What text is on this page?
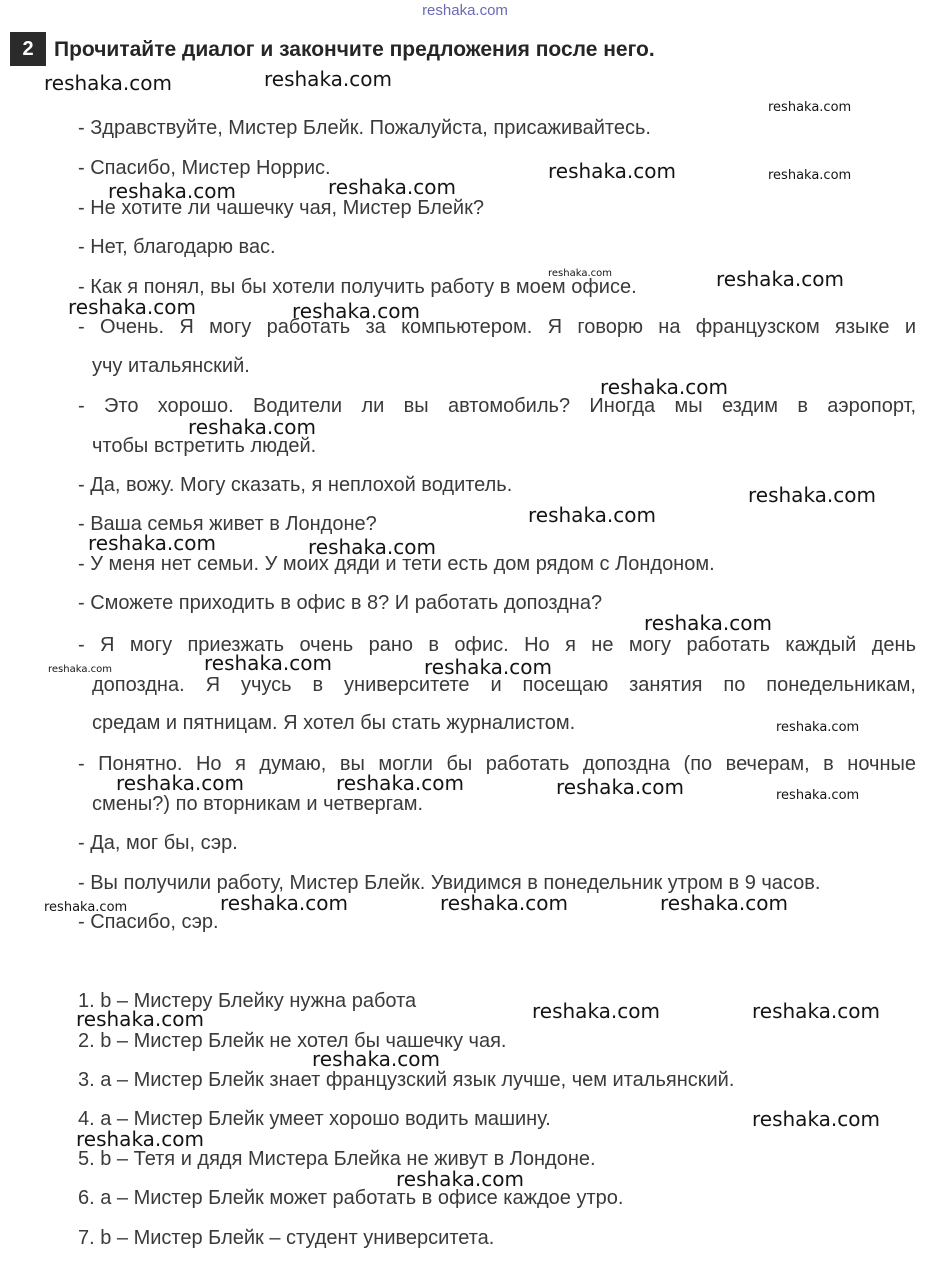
reshaka.com
2 Прочитайте диалог и закончите предложения после него.
- Здравствуйте, Мистер Блейк. Пожалуйста, присаживайтесь.
- Спасибо, Мистер Норрис.
- Не хотите ли чашечку чая, Мистер Блейк?
- Нет, благодарю вас.
- Как я понял, вы бы хотели получить работу в моем офисе.
- Очень. Я могу работать за компьютером. Я говорю на французском языке и
учу итальянский.
- Это хорошо. Водители ли вы автомобиль? Иногда мы ездим в аэропорт,
чтобы встретить людей.
- Да, вожу. Могу сказать, я неплохой водитель.
- Ваша семья живет в Лондоне?
- У меня нет семьи. У моих дяди и тети есть дом рядом с Лондоном.
- Сможете приходить в офис в 8? И работать допоздна?
- Я могу приезжать очень рано в офис. Но я не могу работать каждый день
допоздна. Я учусь в университете и посещаю занятия по понедельникам,
средам и пятницам. Я хотел бы стать журналистом.
- Понятно. Но я думаю, вы могли бы работать допоздна (по вечерам, в ночные
смены?) по вторникам и четвергам.
- Да, мог бы, сэр.
- Вы получили работу, Мистер Блейк. Увидимся в понедельник утром в 9 часов.
- Спасибо, сэр.
1. b – Мистеру Блейку нужна работа
2. b – Мистер Блейк не хотел бы чашечку чая.
3. a – Мистер Блейк знает французский язык лучше, чем итальянский.
4. a – Мистер Блейк умеет хорошо водить машину.
5. b – Тетя и дядя Мистера Блейка не живут в Лондоне.
6. a – Мистер Блейк может работать в офисе каждое утро.
7. b – Мистер Блейк – студент университета.
reshaka.com	reshaka.com
reshaka.com
reshaka.com	reshaka.com
reshaka.com	reshaka.com
reshaka.com	reshaka.com
reshaka.com	reshaka.com
reshaka.com
reshaka.com
reshaka.com
reshaka.com
reshaka.com	reshaka.com
reshaka.com
reshaka.com	reshaka.com
reshaka.com
reshaka.com
reshaka.com	reshaka.com	reshaka.com	reshaka.com
reshaka.com	reshaka.com	reshaka.com	reshaka.com
reshaka.com	reshaka.com
reshaka.com
reshaka.com
reshaka.com
reshaka.com
reshaka.com
